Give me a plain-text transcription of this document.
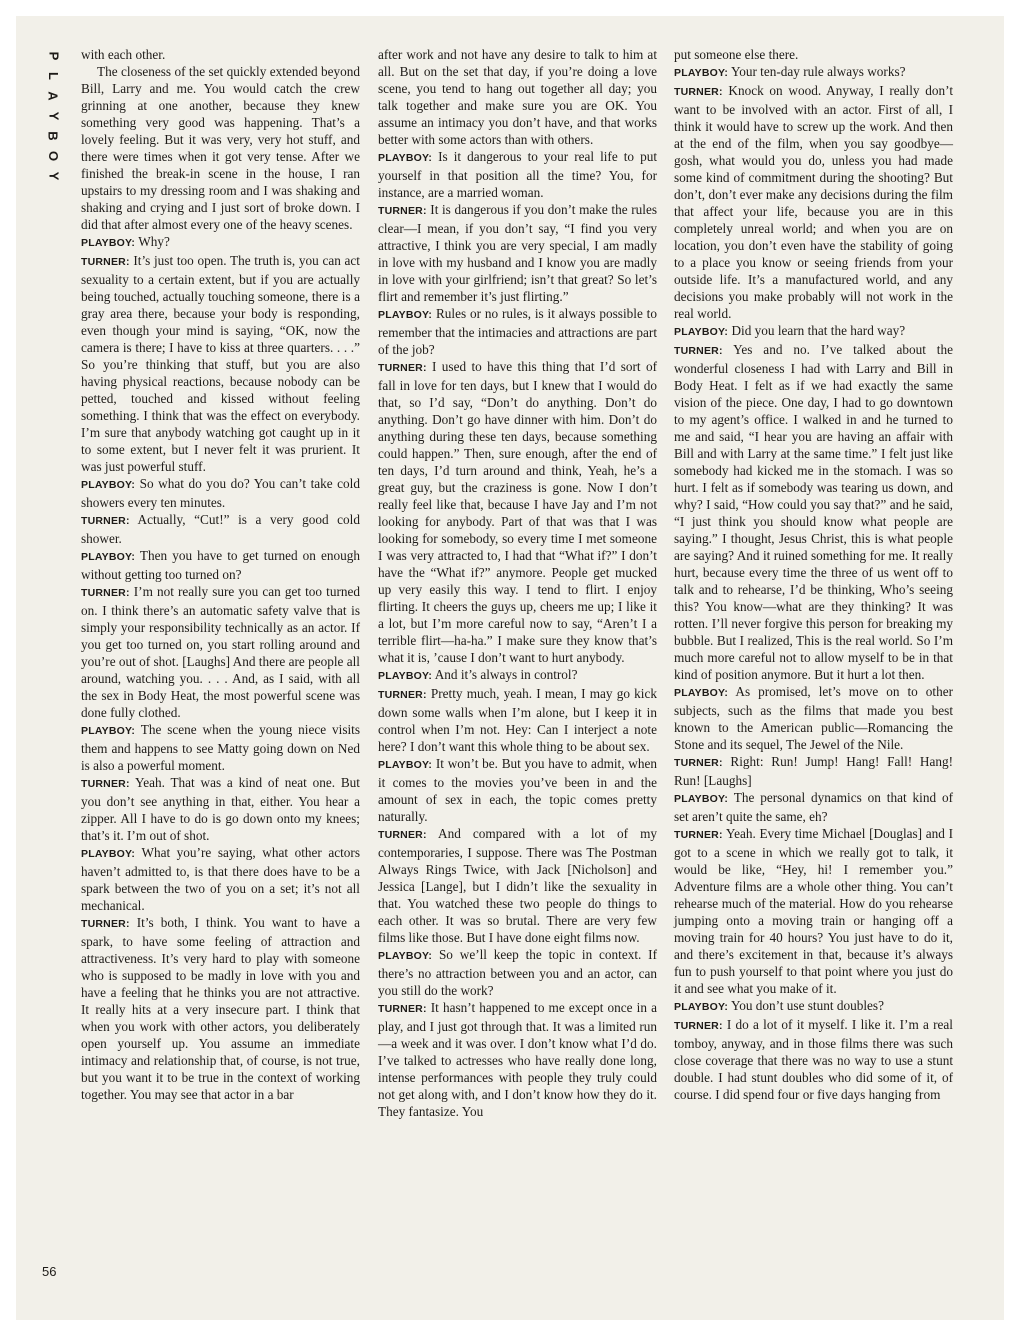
P
L
A
Y
B
O
Y

with each other.

The closeness of the set quickly extended beyond Bill, Larry and me. You would catch the crew grinning at one another, because they knew something very good was happening. That’s a lovely feeling. But it was very, very hot stuff, and there were times when it got very tense. After we finished the break-in scene in the house, I ran upstairs to my dressing room and I was shaking and shaking and crying and I just sort of broke down. I did that after almost every one of the heavy scenes.

PLAYBOY: Why?

TURNER: It’s just too open. The truth is, you can act sexuality to a certain extent, but if you are actually being touched, actually touching someone, there is a gray area there, because your body is responding, even though your mind is saying, “OK, now the camera is there; I have to kiss at three quarters. . . .” So you’re thinking that stuff, but you are also having physical reactions, because nobody can be petted, touched and kissed without feeling something. I think that was the effect on everybody. I’m sure that anybody watching got caught up in it to some extent, but I never felt it was prurient. It was just powerful stuff.

PLAYBOY: So what do you do? You can’t take cold showers every ten minutes.

TURNER: Actually, “Cut!” is a very good cold shower.

PLAYBOY: Then you have to get turned on enough without getting too turned on?

TURNER: I’m not really sure you can get too turned on. I think there’s an automatic safety valve that is simply your responsibility technically as an actor. If you get too turned on, you start rolling around and you’re out of shot. [Laughs] And there are people all around, watching you. . . . And, as I said, with all the sex in Body Heat, the most powerful scene was done fully clothed.

PLAYBOY: The scene when the young niece visits them and happens to see Matty going down on Ned is also a powerful moment.

TURNER: Yeah. That was a kind of neat one. But you don’t see anything in that, either. You hear a zipper. All I have to do is go down onto my knees; that’s it. I’m out of shot.

PLAYBOY: What you’re saying, what other actors haven’t admitted to, is that there does have to be a spark between the two of you on a set; it’s not all mechanical.

TURNER: It’s both, I think. You want to have a spark, to have some feeling of attraction and attractiveness. It’s very hard to play with someone who is supposed to be madly in love with you and have a feeling that he thinks you are not attractive. It really hits at a very insecure part. I think that when you work with other actors, you deliberately open yourself up. You assume an immediate intimacy and relationship that, of course, is not true, but you want it to be true in the context of working together. You may see that actor in a bar

after work and not have any desire to talk to him at all. But on the set that day, if you’re doing a love scene, you tend to hang out together all day; you talk together and make sure you are OK. You assume an intimacy you don’t have, and that works better with some actors than with others.

PLAYBOY: Is it dangerous to your real life to put yourself in that position all the time? You, for instance, are a married woman.

TURNER: It is dangerous if you don’t make the rules clear—I mean, if you don’t say, “I find you very attractive, I think you are very special, I am madly in love with my husband and I know you are madly in love with your girlfriend; isn’t that great? So let’s flirt and remember it’s just flirting.”

PLAYBOY: Rules or no rules, is it always possible to remember that the intimacies and attractions are part of the job?

TURNER: I used to have this thing that I’d sort of fall in love for ten days, but I knew that I would do that, so I’d say, “Don’t do anything. Don’t do anything. Don’t go have dinner with him. Don’t do anything during these ten days, because something could happen.” Then, sure enough, after the end of ten days, I’d turn around and think, Yeah, he’s a great guy, but the craziness is gone. Now I don’t really feel like that, because I have Jay and I’m not looking for anybody. Part of that was that I was looking for somebody, so every time I met someone I was very attracted to, I had that “What if?” I don’t have the “What if?” anymore. People get mucked up very easily this way. I tend to flirt. I enjoy flirting. It cheers the guys up, cheers me up; I like it a lot, but I’m more careful now to say, “Aren’t I a terrible flirt—ha-ha.” I make sure they know that’s what it is, ’cause I don’t want to hurt anybody.

PLAYBOY: And it’s always in control?

TURNER: Pretty much, yeah. I mean, I may go kick down some walls when I’m alone, but I keep it in control when I’m not. Hey: Can I interject a note here? I don’t want this whole thing to be about sex.

PLAYBOY: It won’t be. But you have to admit, when it comes to the movies you’ve been in and the amount of sex in each, the topic comes pretty naturally.

TURNER: And compared with a lot of my contemporaries, I suppose. There was The Postman Always Rings Twice, with Jack [Nicholson] and Jessica [Lange], but I didn’t like the sexuality in that. You watched these two people do things to each other. It was so brutal. There are very few films like those. But I have done eight films now.

PLAYBOY: So we’ll keep the topic in context. If there’s no attraction between you and an actor, can you still do the work?

TURNER: It hasn’t happened to me except once in a play, and I just got through that. It was a limited run—a week and it was over. I don’t know what I’d do. I’ve talked to actresses who have really done long, intense performances with people they truly could not get along with, and I don’t know how they do it. They fantasize. You

put someone else there.

PLAYBOY: Your ten-day rule always works?

TURNER: Knock on wood. Anyway, I really don’t want to be involved with an actor. First of all, I think it would have to screw up the work. And then at the end of the film, when you say goodbye—gosh, what would you do, unless you had made some kind of commitment during the shooting? But don’t, don’t ever make any decisions during the film that affect your life, because you are in this completely unreal world; and when you are on location, you don’t even have the stability of going to a place you know or seeing friends from your outside life. It’s a manufactured world, and any decisions you make probably will not work in the real world.

PLAYBOY: Did you learn that the hard way?

TURNER: Yes and no. I’ve talked about the wonderful closeness I had with Larry and Bill in Body Heat. I felt as if we had exactly the same vision of the piece. One day, I had to go downtown to my agent’s office. I walked in and he turned to me and said, “I hear you are having an affair with Bill and with Larry at the same time.” I felt just like somebody had kicked me in the stomach. I was so hurt. I felt as if somebody was tearing us down, and why? I said, “How could you say that?” and he said, “I just think you should know what people are saying.” I thought, Jesus Christ, this is what people are saying? And it ruined something for me. It really hurt, because every time the three of us went off to talk and to rehearse, I’d be thinking, Who’s seeing this? You know—what are they thinking? It was rotten. I’ll never forgive this person for breaking my bubble. But I realized, This is the real world. So I’m much more careful not to allow myself to be in that kind of position anymore. But it hurt a lot then.

PLAYBOY: As promised, let’s move on to other subjects, such as the films that made you best known to the American public—Romancing the Stone and its sequel, The Jewel of the Nile.

TURNER: Right: Run! Jump! Hang! Fall! Hang! Run! [Laughs]

PLAYBOY: The personal dynamics on that kind of set aren’t quite the same, eh?

TURNER: Yeah. Every time Michael [Douglas] and I got to a scene in which we really got to talk, it would be like, “Hey, hi! I remember you.” Adventure films are a whole other thing. You can’t rehearse much of the material. How do you rehearse jumping onto a moving train or hanging off a moving train for 40 hours? You just have to do it, and there’s excitement in that, because it’s always fun to push yourself to that point where you just do it and see what you make of it.

PLAYBOY: You don’t use stunt doubles?

TURNER: I do a lot of it myself. I like it. I’m a real tomboy, anyway, and in those films there was such close coverage that there was no way to use a stunt double. I had stunt doubles who did some of it, of course. I did spend four or five days hanging from

56
